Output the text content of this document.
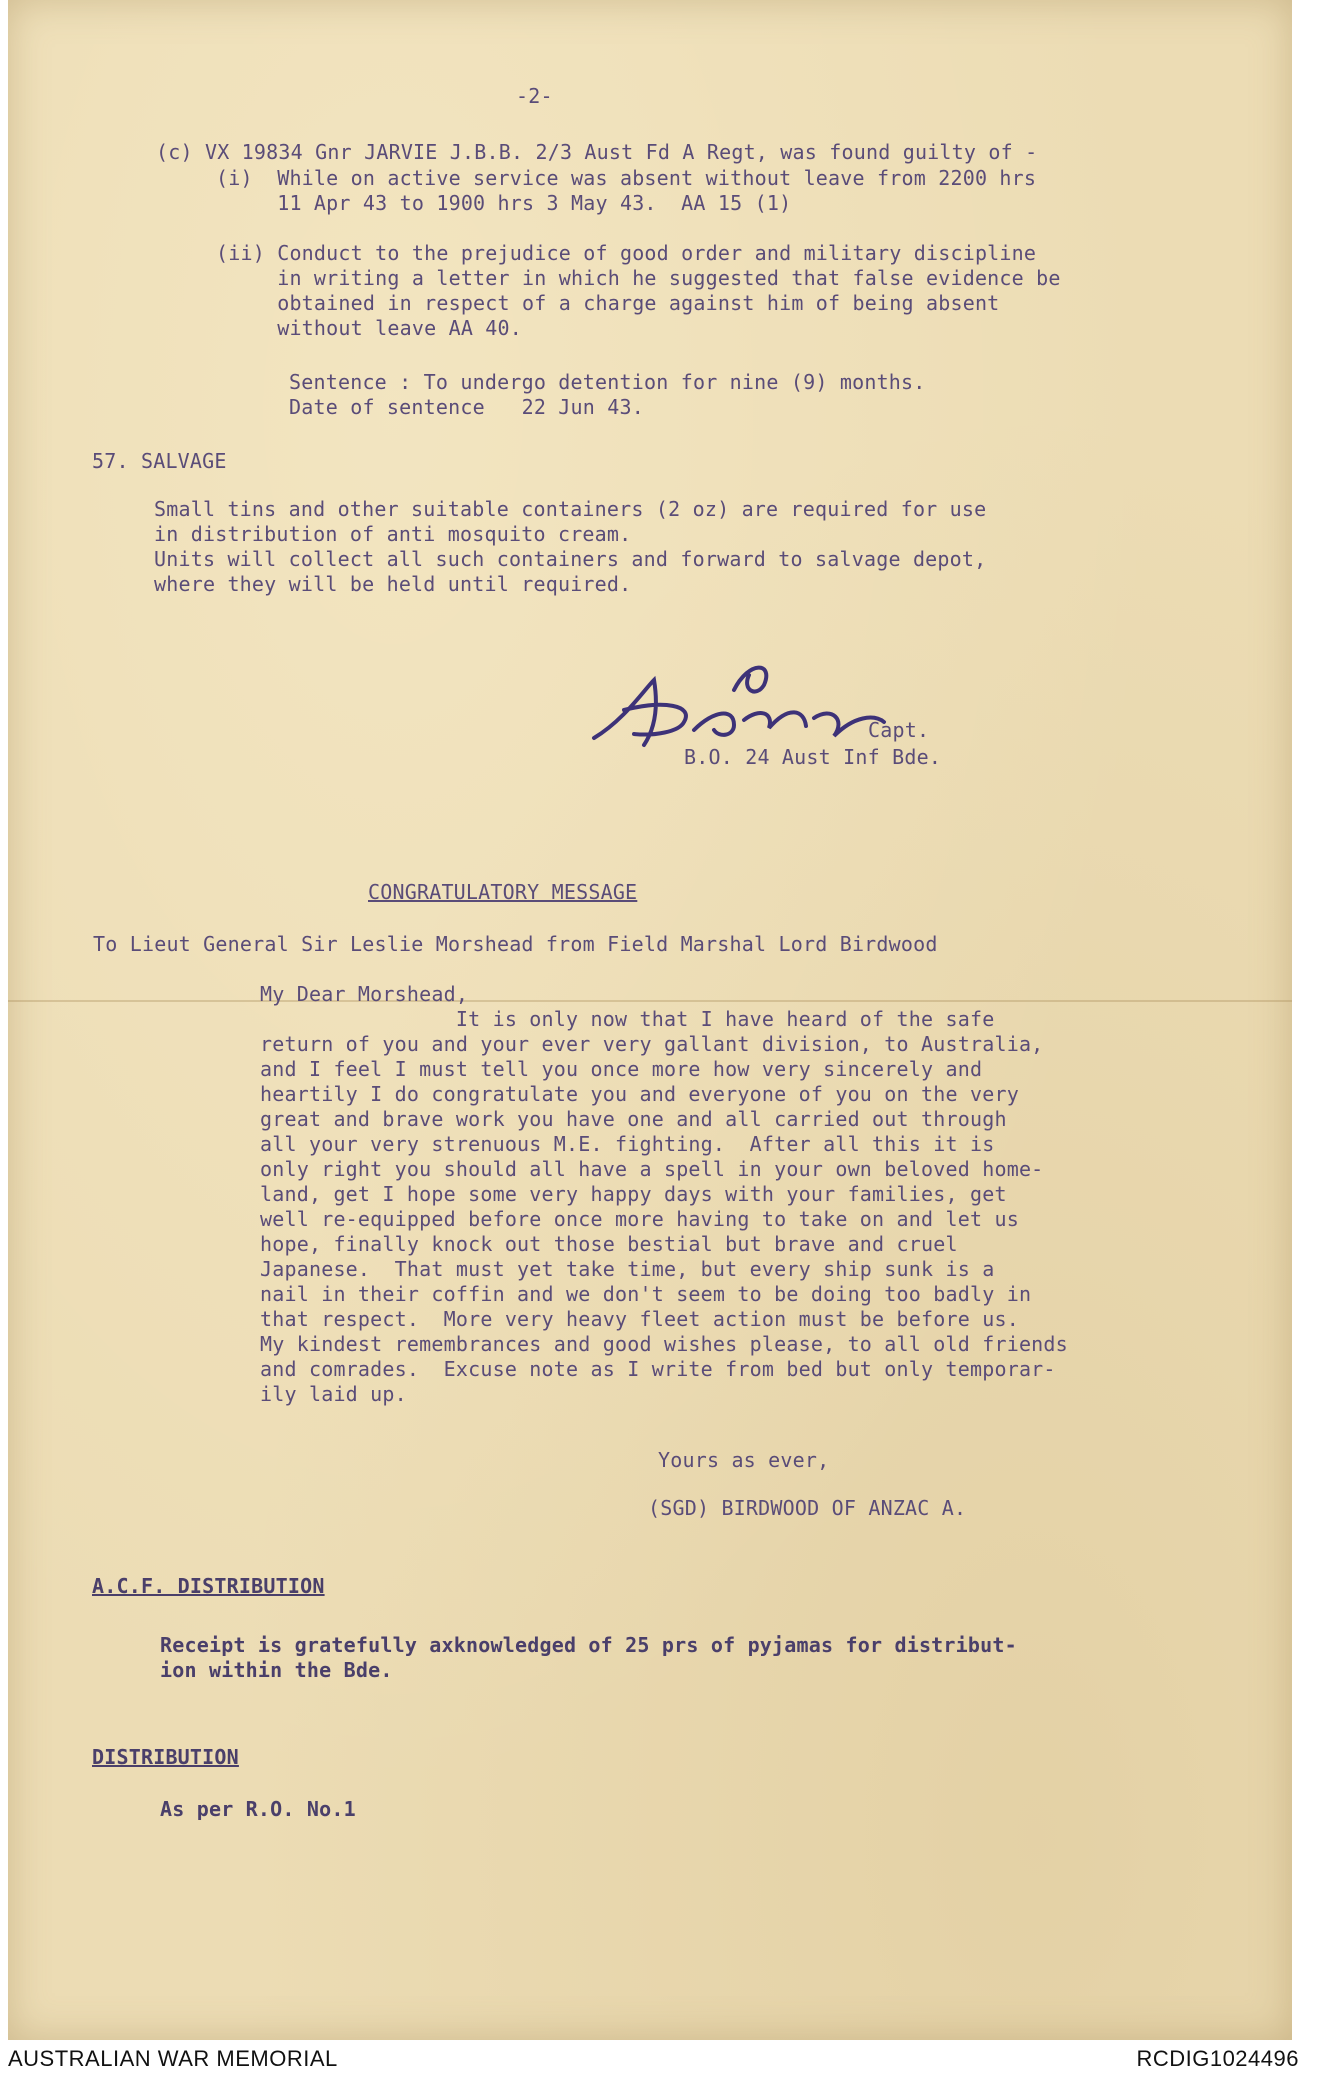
-2-
(c) VX 19834 Gnr JARVIE J.B.B. 2/3 Aust Fd A Regt, was found guilty of -
(i)  While on active service was absent without leave from 2200 hrs
11 Apr 43 to 1900 hrs 3 May 43.  AA 15 (1)
(ii) Conduct to the prejudice of good order and military discipline
in writing a letter in which he suggested that false evidence be
obtained in respect of a charge against him of being absent
without leave AA 40.
Sentence : To undergo detention for nine (9) months.
Date of sentence   22 Jun 43.
57. SALVAGE
Small tins and other suitable containers (2 oz) are required for use
in distribution of anti mosquito cream.
Units will collect all such containers and forward to salvage depot,
where they will be held until required.
Capt.
B.O. 24 Aust Inf Bde.
CONGRATULATORY MESSAGE
To Lieut General Sir Leslie Morshead from Field Marshal Lord Birdwood
My Dear Morshead,
It is only now that I have heard of the safe
return of you and your ever very gallant division, to Australia,
and I feel I must tell you once more how very sincerely and
heartily I do congratulate you and everyone of you on the very
great and brave work you have one and all carried out through
all your very strenuous M.E. fighting.  After all this it is
only right you should all have a spell in your own beloved home-
land, get I hope some very happy days with your families, get
well re-equipped before once more having to take on and let us
hope, finally knock out those bestial but brave and cruel
Japanese.  That must yet take time, but every ship sunk is a
nail in their coffin and we don't seem to be doing too badly in
that respect.  More very heavy fleet action must be before us.
My kindest remembrances and good wishes please, to all old friends
and comrades.  Excuse note as I write from bed but only temporar-
ily laid up.
Yours as ever,
(SGD) BIRDWOOD OF ANZAC A.
A.C.F. DISTRIBUTION
Receipt is gratefully axknowledged of 25 prs of pyjamas for distribut-
ion within the Bde.
DISTRIBUTION
As per R.O. No.1
AUSTRALIAN WAR MEMORIAL	RCDIG1024496
